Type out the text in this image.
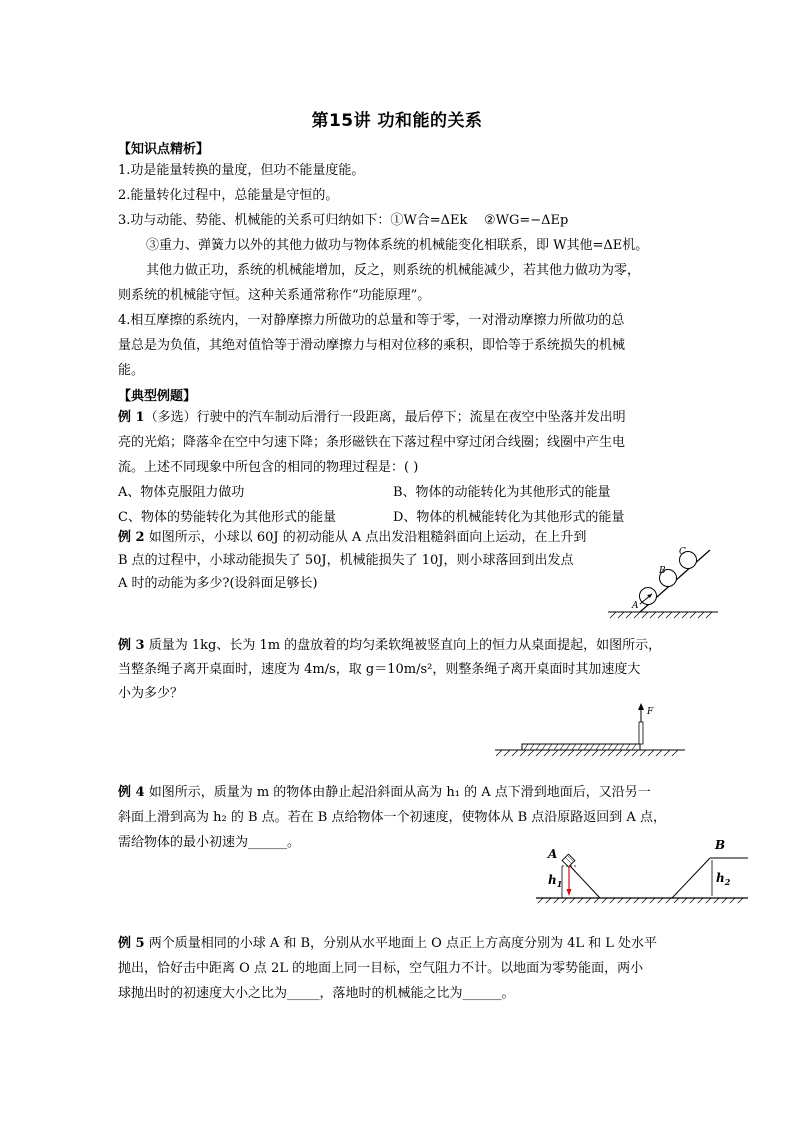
第15讲 功和能的关系
【知识点精析】
1.功是能量转换的量度，但功不能量度能。
2.能量转化过程中，总能量是守恒的。
3.功与动能、势能、机械能的关系可归纳如下：①W合=ΔEk ②WG=−ΔEp
③重力、弹簧力以外的其他力做功与物体系统的机械能变化相联系，即 W其他=ΔE机。
其他力做正功，系统的机械能增加，反之，则系统的机械能减少，若其他力做功为零，
则系统的机械能守恒。这种关系通常称作“功能原理”。
4.相互摩擦的系统内，一对静摩擦力所做功的总量和等于零，一对滑动摩擦力所做功的总
量总是为负值，其绝对值恰等于滑动摩擦力与相对位移的乘积，即恰等于系统损失的机械
能。
【典型例题】
例 1（多选）行驶中的汽车制动后滑行一段距离，最后停下；流星在夜空中坠落并发出明
亮的光焰；降落伞在空中匀速下降；条形磁铁在下落过程中穿过闭合线圈；线圈中产生电
流。上述不同现象中所包含的相同的物理过程是：( )
A、物体克服阻力做功	B、物体的动能转化为其他形式的能量
C、物体的势能转化为其他形式的能量	D、物体的机械能转化为其他形式的能量
例 2 如图所示，小球以 60J 的初动能从 A 点出发沿粗糙斜面向上运动，在上升到
B 点的过程中，小球动能损失了 50J，机械能损失了 10J，则小球落回到出发点
A 时的动能为多少?(设斜面足够长)
A
B
C
例 3 质量为 1kg、长为 1m 的盘放着的均匀柔软绳被竖直向上的恒力从桌面提起，如图所示，
当整条绳子离开桌面时，速度为 4m/s，取 g＝10m/s²，则整条绳子离开桌面时其加速度大
小为多少？
F
例 4 如图所示，质量为 m 的物体由静止起沿斜面从高为 h₁ 的 A 点下滑到地面后，又沿另一
斜面上滑到高为 h₂ 的 B 点。若在 B 点给物体一个初速度，使物体从 B 点沿原路返回到 A 点，
需给物体的最小初速为______。
A
$h_1$
B
$h_2$
例 5 两个质量相同的小球 A 和 B，分别从水平地面上 O 点正上方高度分别为 4L 和 L 处水平
抛出，恰好击中距离 O 点 2L 的地面上同一目标，空气阻力不计。以地面为零势能面，两小
球抛出时的初速度大小之比为_____，落地时的机械能之比为______。
